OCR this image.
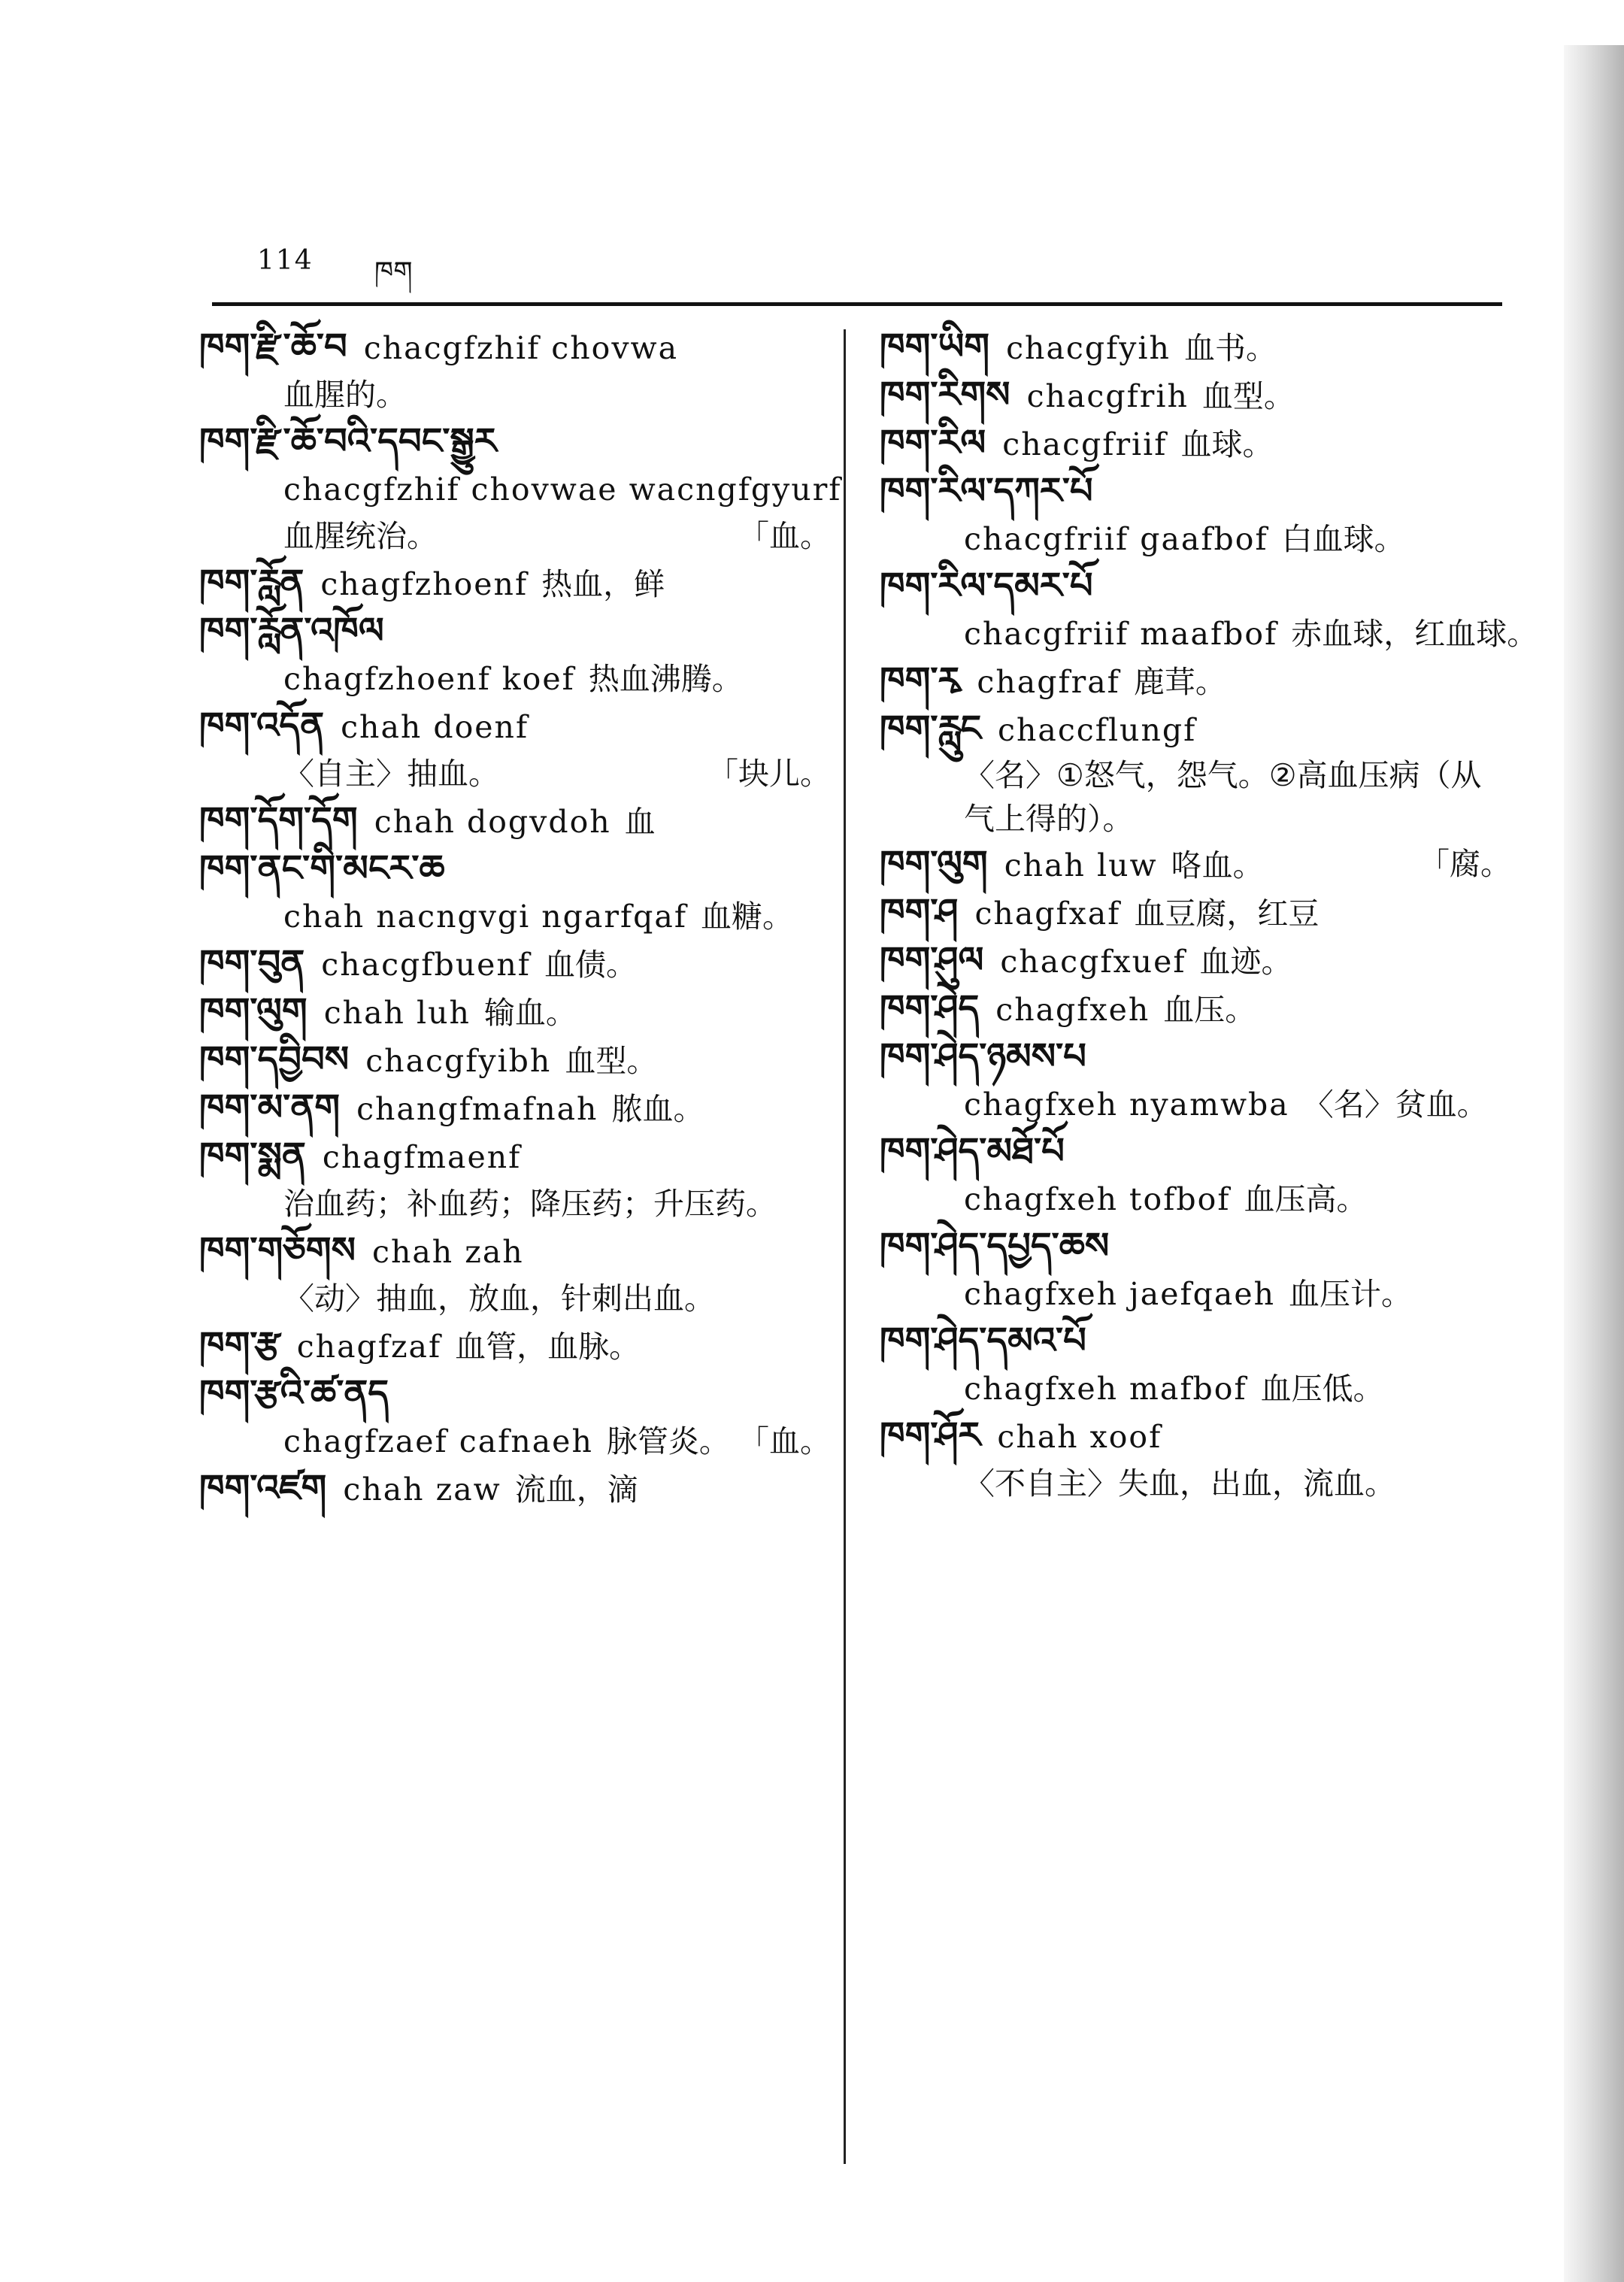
114 ཁག
ཁག་རྫི་ཆོ་བ chacgfzhif chovwa
血腥的。
ཁག་རྫི་ཆོ་བའི་དབང་སྒྱུར
chacgfzhif chovwae wacngfgyurf
血腥统治。	「血。
ཁག་རློན chagfzhoenf 热血，鲜
ཁག་རློན་འཁོལ
chagfzhoenf koef 热血沸腾。
ཁག་འདོན chah doenf
〈自主〉抽血。	「块儿。
ཁག་དོག་དོག chah dogvdoh 血
ཁག་ནང་གི་མངར་ཆ
chah nacngvgi ngarfqaf 血糖。
ཁག་བུན chacgfbuenf 血债。
ཁག་ལུག chah luh 输血。
ཁག་དབྱིབས chacgfyibh 血型。
ཁག་མ་ནག changfmafnah 脓血。
ཁག་སྨན chagfmaenf
治血药；补血药；降压药；升压药。
ཁག་གཅོགས chah zah
〈动〉抽血，放血，针刺出血。
ཁག་རྩ chagfzaf 血管，血脉。
ཁག་རྩའི་ཚ་ནད
chagfzaef cafnaeh 脉管炎。 「血。
ཁག་འཛག chah zaw 流血，滴
ཁག་ཡིག chacgfyih 血书。
ཁག་རིགས chacgfrih 血型。
ཁག་རིལ chacgfriif 血球。
ཁག་རིལ་དཀར་པོ
chacgfriif gaafbof 白血球。
ཁག་རིལ་དམར་པོ
chacgfriif maafbof 赤血球，红血球。
ཁག་རྭ chagfraf 鹿茸。
ཁག་རླུང chaccflungf
〈名〉①怒气，怨气。②高血压病（从气上得的）。
ཁག་ལུག chah luw 咯血。	「腐。
ཁག་ཤ chagfxaf 血豆腐，红豆
ཁག་ཤུལ chacgfxuef 血迹。
ཁག་ཤེད chagfxeh 血压。
ཁག་ཤེད་ཉམས་པ
chagfxeh nyamwba 〈名〉贫血。
ཁག་ཤེད་མཐོ་པོ
chagfxeh tofbof 血压高。
ཁག་ཤེད་དཔྱད་ཆས
chagfxeh jaefqaeh 血压计。
ཁག་ཤེད་དམའ་པོ
chagfxeh mafbof 血压低。
ཁག་ཤོར chah xoof
〈不自主〉失血，出血，流血。
